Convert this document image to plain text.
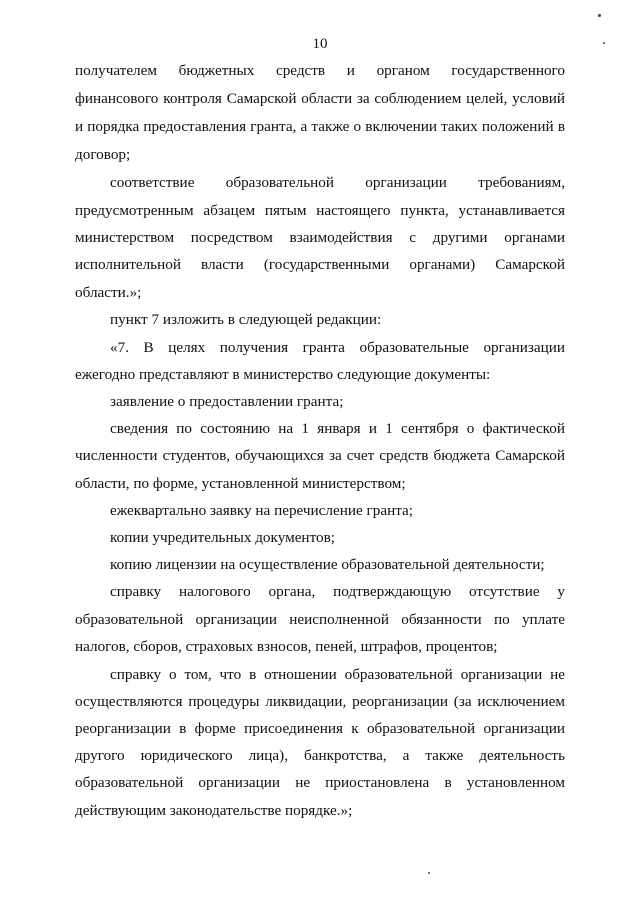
10
получателем бюджетных средств и органом государственного
финансового контроля Самарской области за соблюдением целей, условий
и порядка предоставления гранта, а также о включении таких положений в
договор;
соответствие образовательной организации требованиям,
предусмотренным абзацем пятым настоящего пункта, устанавливается
министерством посредством взаимодействия с другими органами
исполнительной власти (государственными органами) Самарской
области.»;
пункт 7 изложить в следующей редакции:
«7. В целях получения гранта образовательные организации
ежегодно представляют в министерство следующие документы:
заявление о предоставлении гранта;
сведения по состоянию на 1 января и 1 сентября о фактической
численности студентов, обучающихся за счет средств бюджета Самарской
области, по форме, установленной министерством;
ежеквартально заявку на перечисление гранта;
копии учредительных документов;
копию лицензии на осуществление образовательной деятельности;
справку налогового органа, подтверждающую отсутствие у
образовательной организации неисполненной обязанности по уплате
налогов, сборов, страховых взносов, пеней, штрафов, процентов;
справку о том, что в отношении образовательной организации не
осуществляются процедуры ликвидации, реорганизации (за исключением
реорганизации в форме присоединения к образовательной организации
другого юридического лица), банкротства, а также деятельность
образовательной организации не приостановлена в установленном
действующим законодательстве порядке.»;
